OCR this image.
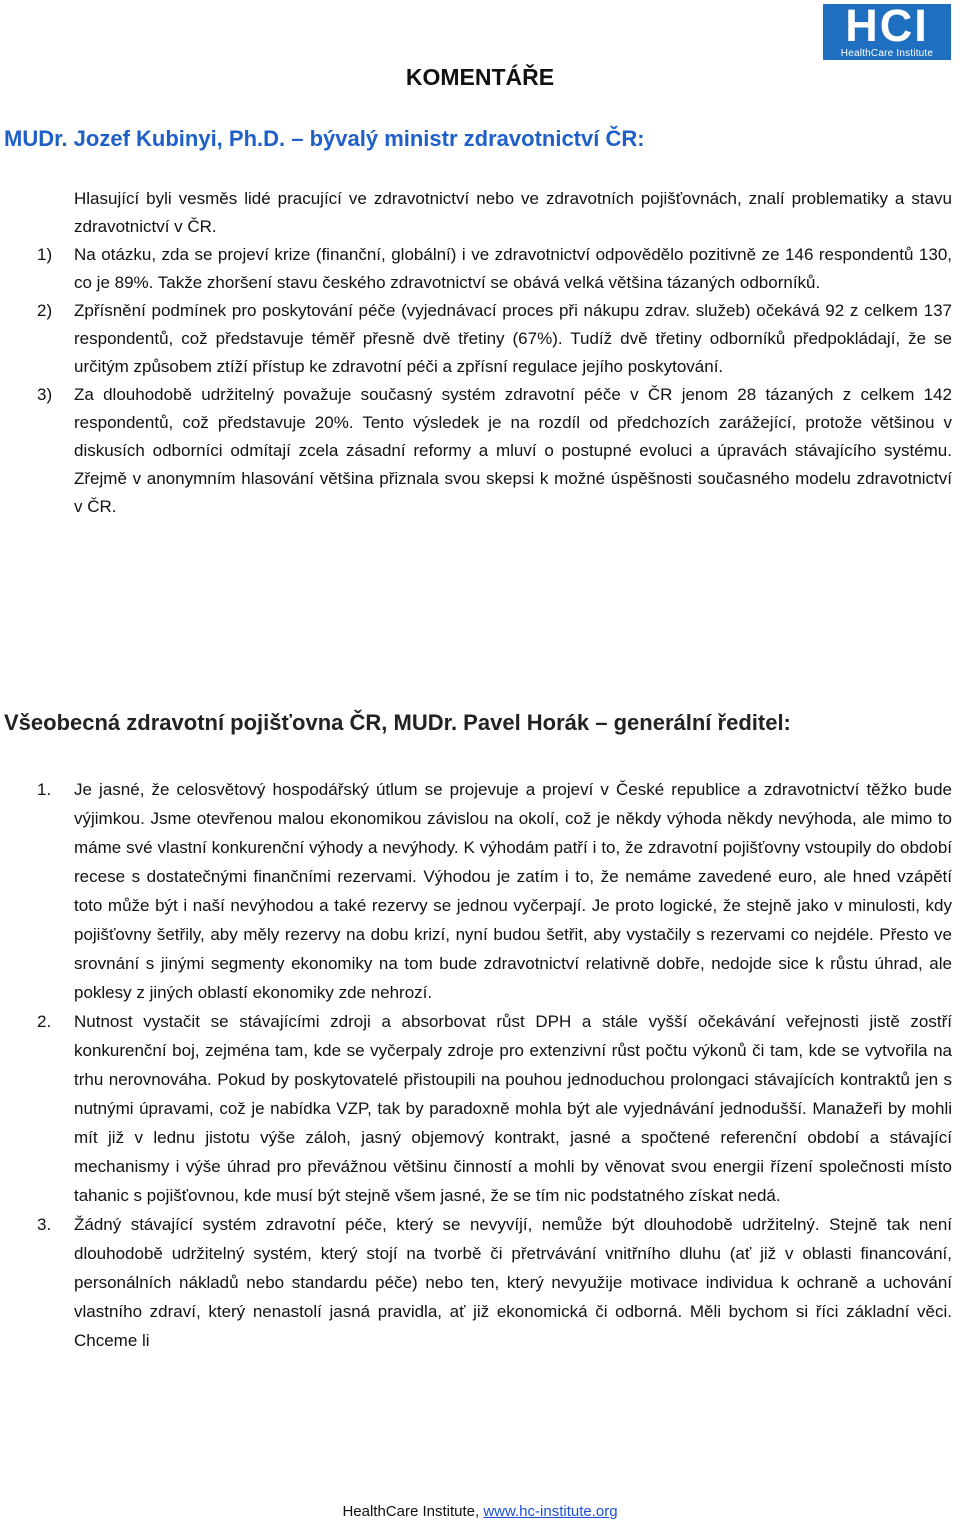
HCI
HealthCare Institute
KOMENTÁŘE
MUDr. Jozef Kubinyi, Ph.D. – bývalý ministr zdravotnictví ČR:

Hlasující byli vesměs lidé pracující ve zdravotnictví nebo ve zdravotních pojišťovnách, znalí problematiky a stavu zdravotnictví v ČR.

1) Na otázku, zda se projeví krize (finanční, globální) i ve zdravotnictví odpovědělo pozitivně ze 146 respondentů 130, co je 89%. Takže zhoršení stavu českého zdravotnictví se obává velká většina tázaných odborníků.

2) Zpřísnění podmínek pro poskytování péče (vyjednávací proces při nákupu zdrav. služeb) očekává 92 z celkem 137 respondentů, což představuje téměř přesně dvě třetiny (67%). Tudíž dvě třetiny odborníků předpokládají, že se určitým způsobem ztíží přístup ke zdravotní péči a zpřísní regulace jejího poskytování.

3) Za dlouhodobě udržitelný považuje současný systém zdravotní péče v ČR jenom 28 tázaných z celkem 142 respondentů, což představuje 20%. Tento výsledek je na rozdíl od předchozích zarážející, protože většinou v diskusích odborníci odmítají zcela zásadní reformy a mluví o postupné evoluci a úpravách stávajícího systému. Zřejmě v anonymním hlasování většina přiznala svou skepsi k možné úspěšnosti současného modelu zdravotnictví v ČR.

Všeobecná zdravotní pojišťovna ČR, MUDr. Pavel Horák – generální ředitel:
1. Je jasné, že celosvětový hospodářský útlum se projevuje a projeví v České republice a zdravotnictví těžko bude výjimkou. Jsme otevřenou malou ekonomikou závislou na okolí, což je někdy výhoda někdy nevýhoda, ale mimo to máme své vlastní konkurenční výhody a nevýhody. K výhodám patří i to, že zdravotní pojišťovny vstoupily do období recese s dostatečnými finančními rezervami. Výhodou je zatím i to, že nemáme zavedené euro, ale hned vzápětí toto může být i naší nevýhodou a také rezervy se jednou vyčerpají. Je proto logické, že stejně jako v minulosti, kdy pojišťovny šetřily, aby měly rezervy na dobu krizí, nyní budou šetřit, aby vystačily s rezervami co nejdéle. Přesto ve srovnání s jinými segmenty ekonomiky na tom bude zdravotnictví relativně dobře, nedojde sice k růstu úhrad, ale poklesy z jiných oblastí ekonomiky zde nehrozí.
2. Nutnost vystačit se stávajícími zdroji a absorbovat růst DPH a stále vyšší očekávání veřejnosti jistě zostří konkurenční boj, zejména tam, kde se vyčerpaly zdroje pro extenzivní růst počtu výkonů či tam, kde se vytvořila na trhu nerovnováha. Pokud by poskytovatelé přistoupili na pouhou jednoduchou prolongaci stávajících kontraktů jen s nutnými úpravami, což je nabídka VZP, tak by paradoxně mohla být ale vyjednávání jednodušší. Manažeři by mohli mít již v lednu jistotu výše záloh, jasný objemový kontrakt, jasné a spočtené referenční období a stávající mechanismy i výše úhrad pro převážnou většinu činností a mohli by věnovat svou energii řízení společnosti místo tahanic s pojišťovnou, kde musí být stejně všem jasné, že se tím nic podstatného získat nedá.
3. Žádný stávající systém zdravotní péče, který se nevyvíjí, nemůže být dlouhodobě udržitelný. Stejně tak není dlouhodobě udržitelný systém, který stojí na tvorbě či přetrvávání vnitřního dluhu (ať již v oblasti financování, personálních nákladů nebo standardu péče) nebo ten, který nevyužije motivace individua k ochraně a uchování vlastního zdraví, který nenastolí jasná pravidla, ať již ekonomická či odborná. Měli bychom si říci základní věci. Chceme li
HealthCare Institute, www.hc-institute.org
